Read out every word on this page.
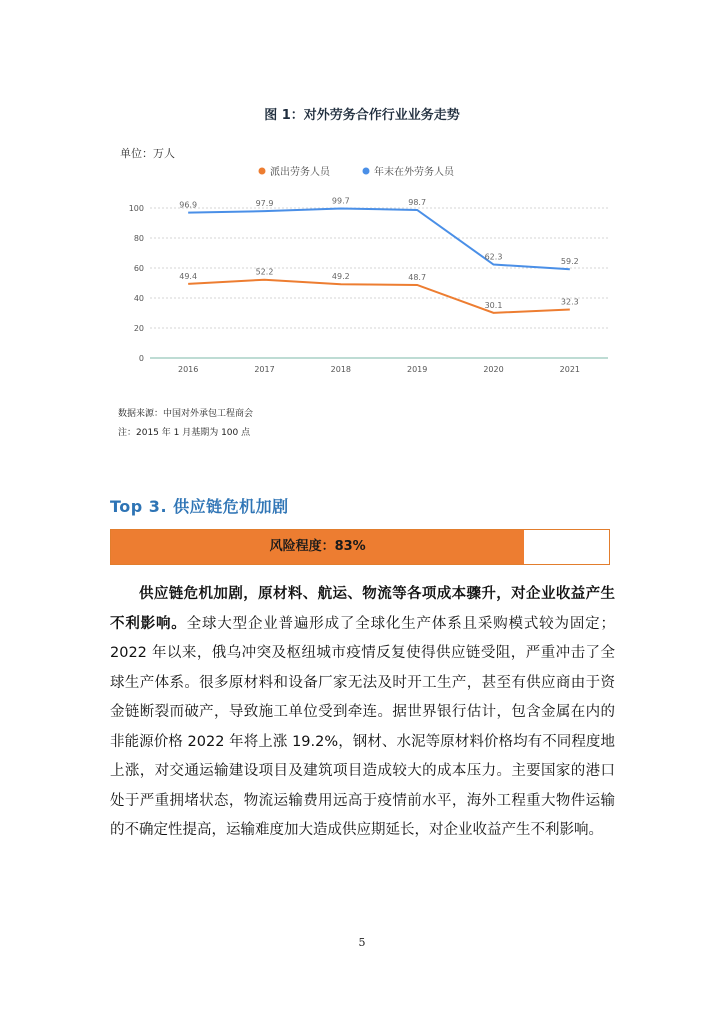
图 1：对外劳务合作行业业务走势
单位：万人
派出劳务人员	年末在外劳务人员
0
20
40
60
80
100
2016	2017	2018	2019	2020	2021
49.4	52.2	49.2	48.7
30.1	32.3
96.9	97.9	99.7	98.7
62.3
59.2
数据来源：中国对外承包工程商会
注：2015 年 1 月基期为 100 点
Top 3. 供应链危机加剧
风险程度：83%

供应链危机加剧，原材料、航运、物流等各项成本骤升，对企业收益产生不利影响。全球大型企业普遍形成了全球化生产体系且采购模式较为固定；2022 年以来，俄乌冲突及枢纽城市疫情反复使得供应链受阻，严重冲击了全球生产体系。很多原材料和设备厂家无法及时开工生产，甚至有供应商由于资金链断裂而破产，导致施工单位受到牵连。据世界银行估计，包含金属在内的非能源价格 2022 年将上涨 19.2%，钢材、水泥等原材料价格均有不同程度地上涨，对交通运输建设项目及建筑项目造成较大的成本压力。主要国家的港口处于严重拥堵状态，物流运输费用远高于疫情前水平，海外工程重大物件运输的不确定性提高，运输难度加大造成供应期延长，对企业收益产生不利影响。

5
